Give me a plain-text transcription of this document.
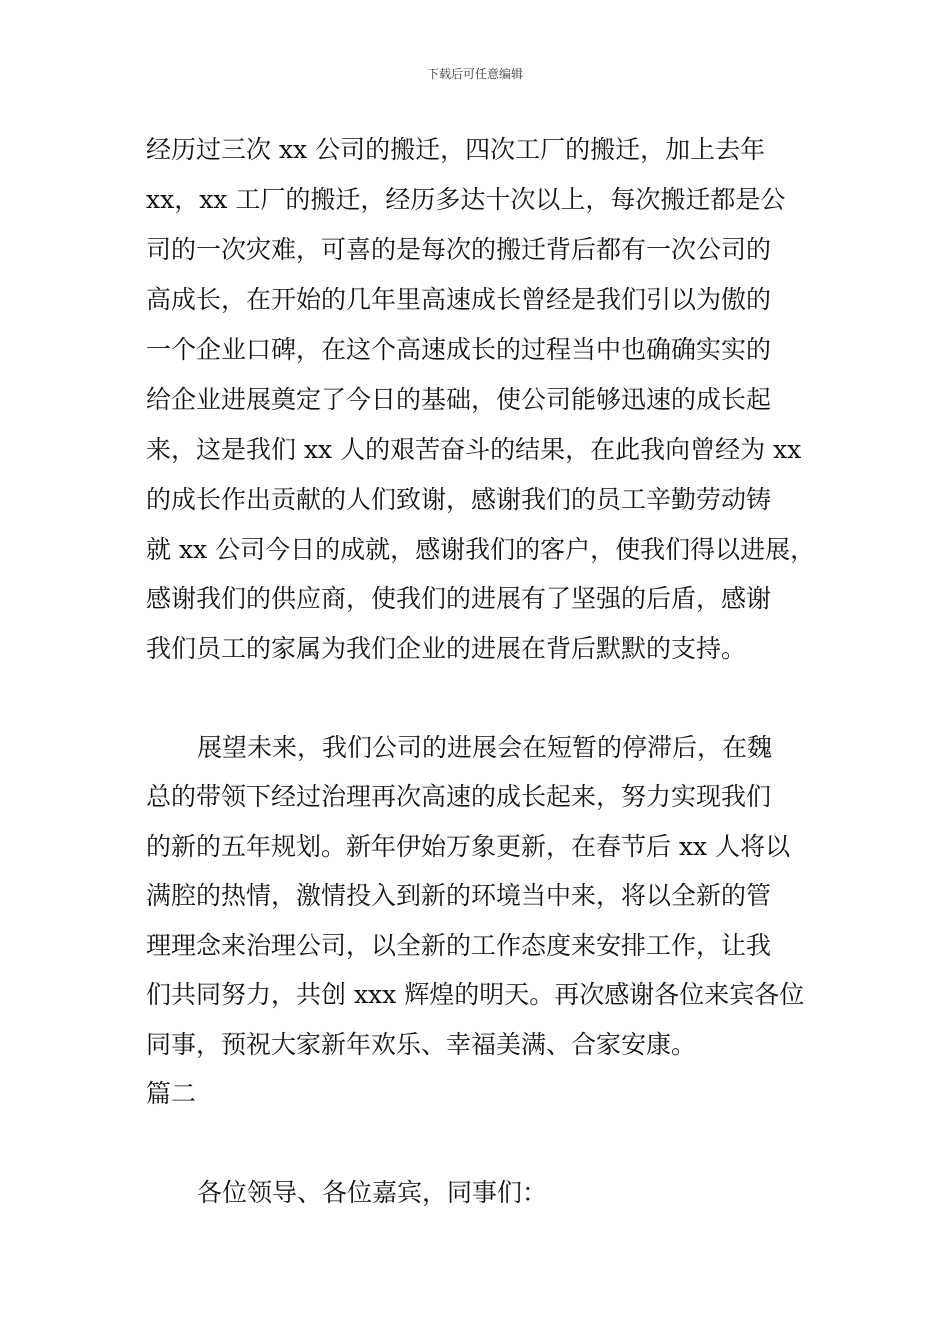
下载后可任意编辑
经历过三次 xx 公司的搬迁，四次工厂的搬迁，加上去年
xx，xx 工厂的搬迁，经历多达十次以上，每次搬迁都是公
司的一次灾难，可喜的是每次的搬迁背后都有一次公司的
高成长，在开始的几年里高速成长曾经是我们引以为傲的
一个企业口碑，在这个高速成长的过程当中也确确实实的
给企业进展奠定了今日的基础，使公司能够迅速的成长起
来，这是我们 xx 人的艰苦奋斗的结果，在此我向曾经为 xx
的成长作出贡献的人们致谢，感谢我们的员工辛勤劳动铸
就 xx 公司今日的成就，感谢我们的客户，使我们得以进展，
感谢我们的供应商，使我们的进展有了坚强的后盾，感谢
我们员工的家属为我们企业的进展在背后默默的支持。
展望未来，我们公司的进展会在短暂的停滞后，在魏
总的带领下经过治理再次高速的成长起来，努力实现我们
的新的五年规划。新年伊始万象更新，在春节后 xx 人将以
满腔的热情，激情投入到新的环境当中来，将以全新的管
理理念来治理公司，以全新的工作态度来安排工作，让我
们共同努力，共创 xxx 辉煌的明天。再次感谢各位来宾各位
同事，预祝大家新年欢乐、幸福美满、合家安康。
篇二
各位领导、各位嘉宾，同事们：
